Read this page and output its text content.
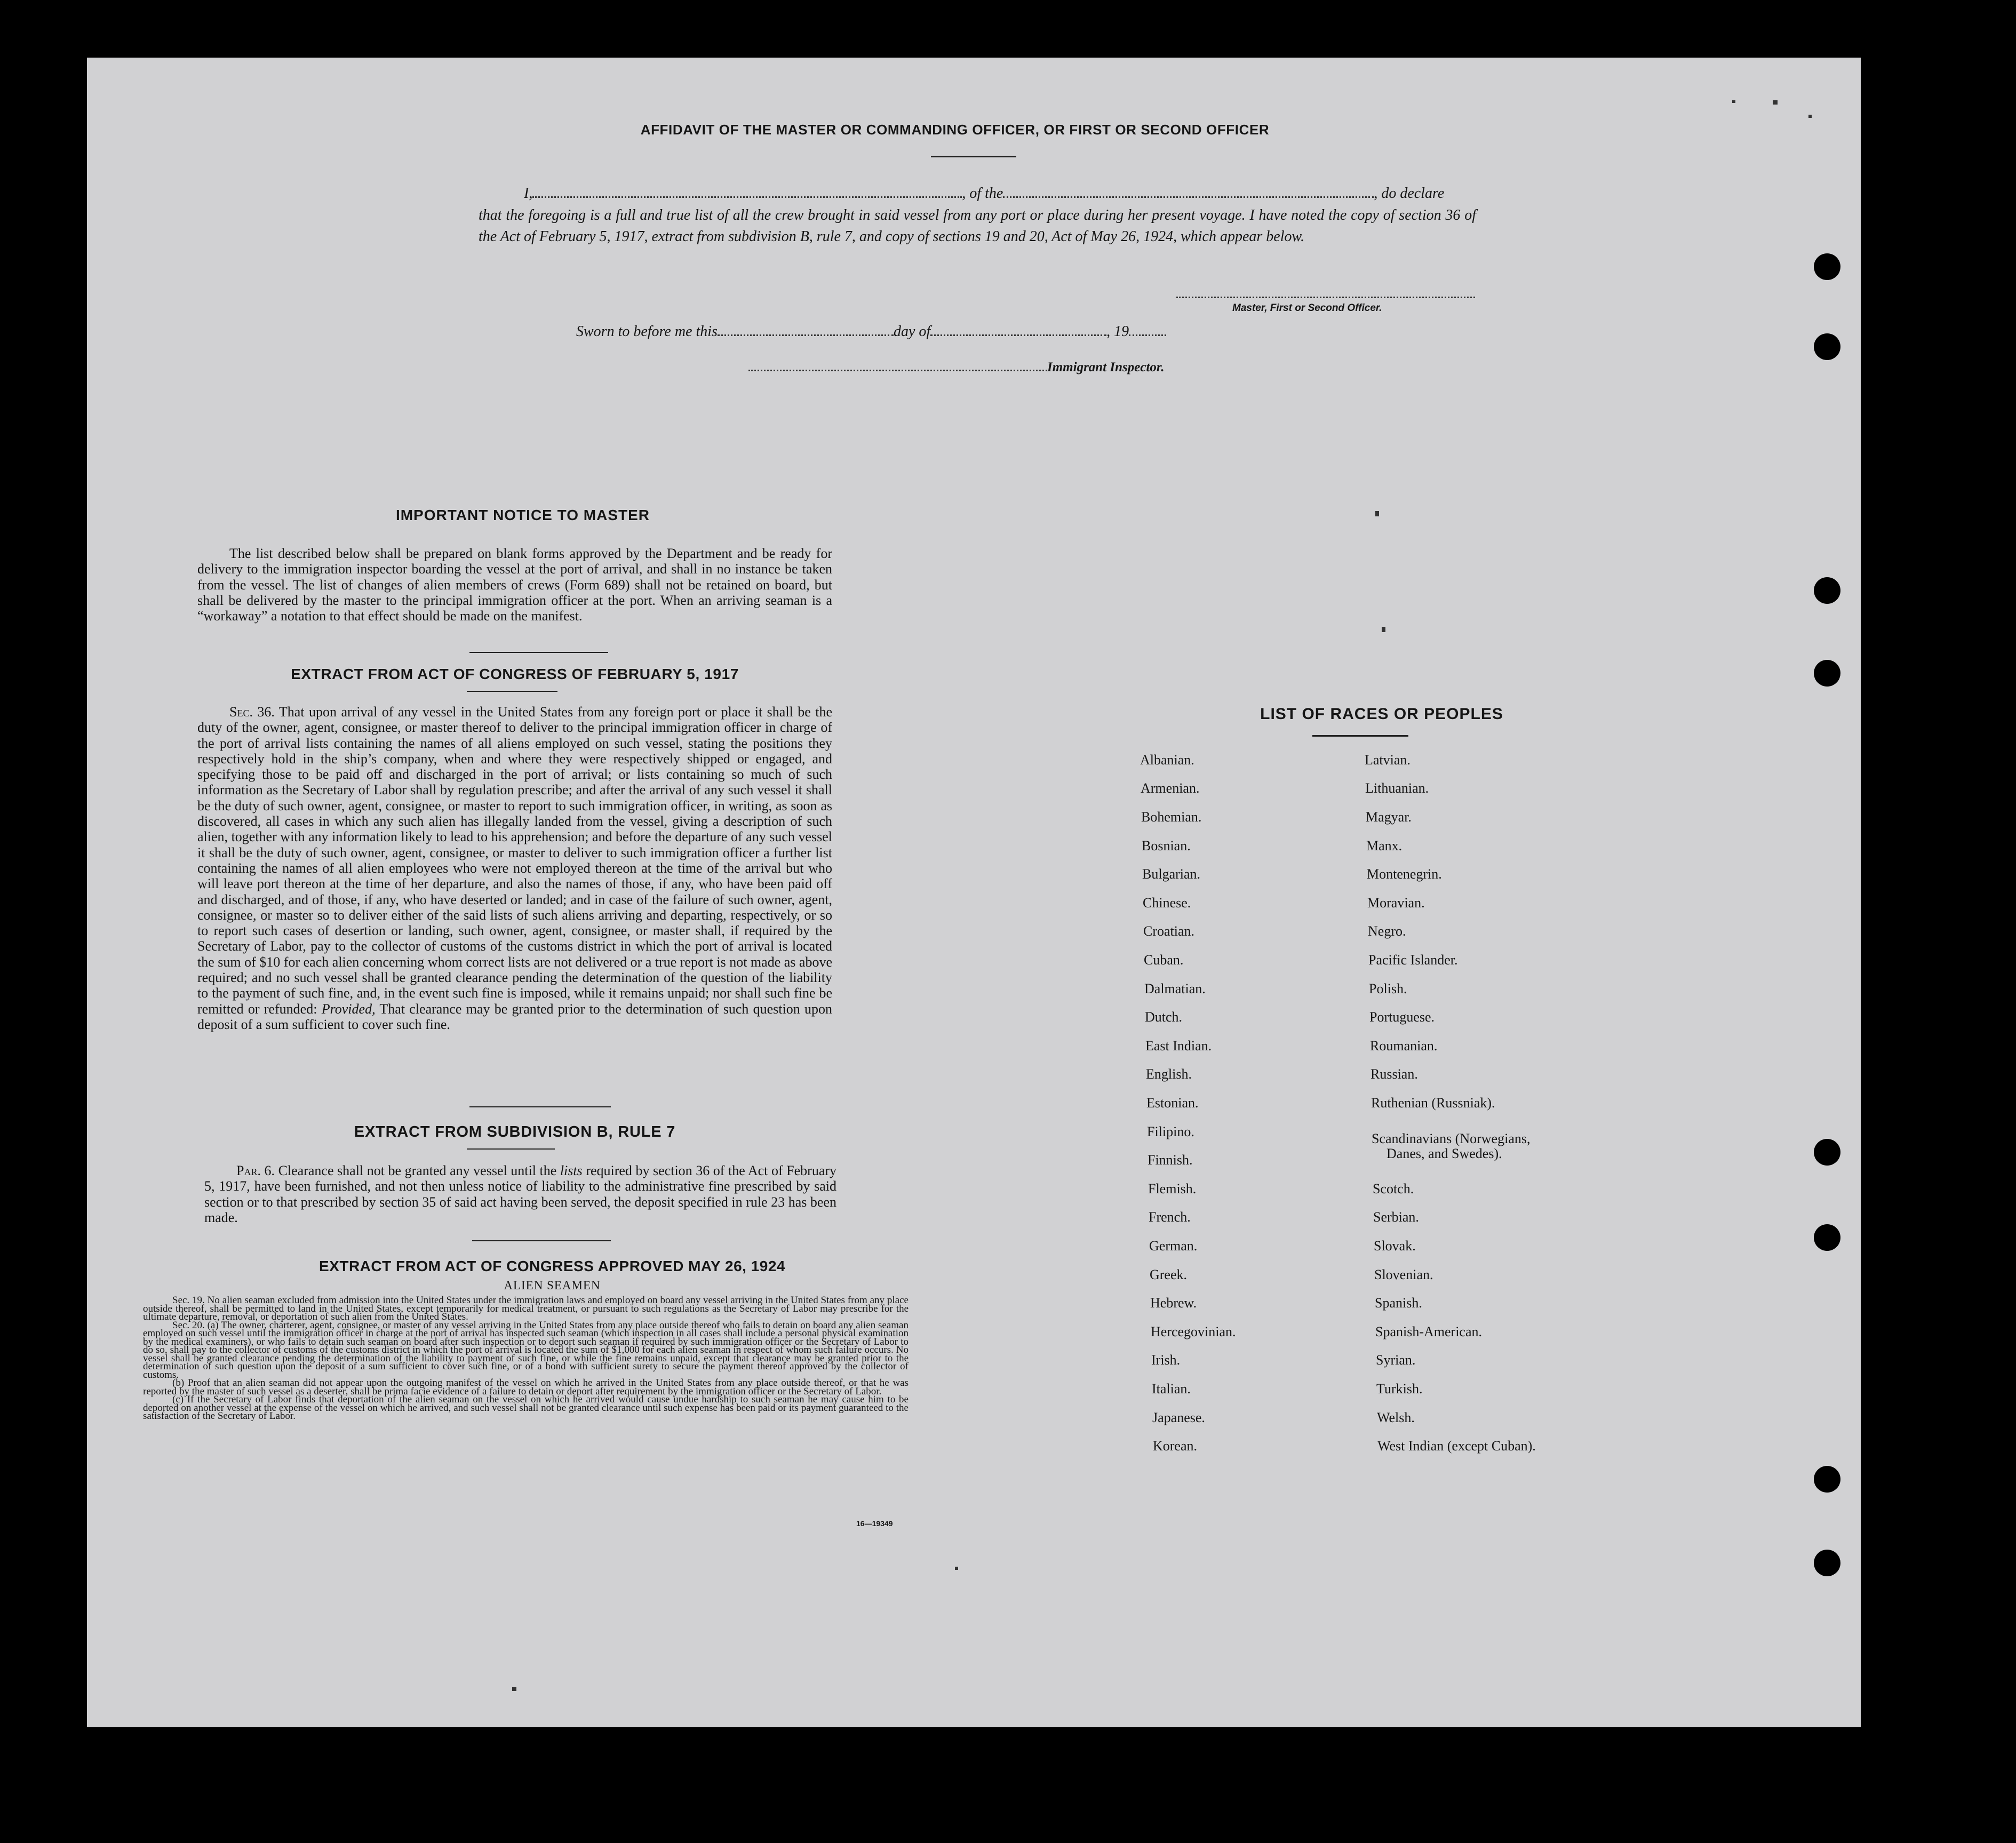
AFFIDAVIT OF THE MASTER OR COMMANDING OFFICER, OR FIRST OR SECOND OFFICER
I,	, of the	, do declare
that the foregoing is a full and true list of all the crew brought in said vessel from any port or place during her present voyage. I have noted the copy of section 36 of the Act of February 5, 1917, extract from subdivision B, rule 7, and copy of sections 19 and 20, Act of May 26, 1924, which appear below.
Master, First or Second Officer.
Sworn to before me this	day of	, 19
Immigrant Inspector.
IMPORTANT NOTICE TO MASTER
The list described below shall be prepared on blank forms approved by the Department and be ready for delivery to the immigration inspector boarding the vessel at the port of arrival, and shall in no instance be taken from the vessel. The list of changes of alien members of crews (Form 689) shall not be retained on board, but shall be delivered by the master to the principal immigration officer at the port. When an arriving seaman is a “workaway” a notation to that effect should be made on the manifest.
EXTRACT FROM ACT OF CONGRESS OF FEBRUARY 5, 1917
Sec. 36. That upon arrival of any vessel in the United States from any foreign port or place it shall be the duty of the owner, agent, consignee, or master thereof to deliver to the principal immigration officer in charge of the port of arrival lists containing the names of all aliens employed on such vessel, stating the positions they respectively hold in the ship’s company, when and where they were respectively shipped or engaged, and specifying those to be paid off and discharged in the port of arrival; or lists containing so much of such information as the Secretary of Labor shall by regulation prescribe; and after the arrival of any such vessel it shall be the duty of such owner, agent, consignee, or master to report to such immigration officer, in writing, as soon as discovered, all cases in which any such alien has illegally landed from the vessel, giving a description of such alien, together with any information likely to lead to his apprehension; and before the departure of any such vessel it shall be the duty of such owner, agent, consignee, or master to deliver to such immigration officer a further list containing the names of all alien employees who were not employed thereon at the time of the arrival but who will leave port thereon at the time of her departure, and also the names of those, if any, who have been paid off and discharged, and of those, if any, who have deserted or landed; and in case of the failure of such owner, agent, consignee, or master so to deliver either of the said lists of such aliens arriving and departing, respectively, or so to report such cases of desertion or landing, such owner, agent, consignee, or master shall, if required by the Secretary of Labor, pay to the collector of customs of the customs district in which the port of arrival is located the sum of $10 for each alien concerning whom correct lists are not delivered or a true report is not made as above required; and no such vessel shall be granted clearance pending the determination of the question of the liability to the payment of such fine, and, in the event such fine is imposed, while it remains unpaid; nor shall such fine be remitted or refunded: Provided, That clearance may be granted prior to the determination of such question upon deposit of a sum sufficient to cover such fine.
EXTRACT FROM SUBDIVISION B, RULE 7
Par. 6. Clearance shall not be granted any vessel until the lists required by section 36 of the Act of February 5, 1917, have been furnished, and not then unless notice of liability to the administrative fine prescribed by said section or to that prescribed by section 35 of said act having been served, the deposit specified in rule 23 has been made.
EXTRACT FROM ACT OF CONGRESS APPROVED MAY 26, 1924
ALIEN SEAMEN
Sec. 19. No alien seaman excluded from admission into the United States under the immigration laws and employed on board any vessel arriving in the United States from any place outside thereof, shall be permitted to land in the United States, except temporarily for medical treatment, or pursuant to such regulations as the Secretary of Labor may prescribe for the ultimate departure, removal, or deportation of such alien from the United States.
Sec. 20. (a) The owner, charterer, agent, consignee, or master of any vessel arriving in the United States from any place outside thereof who fails to detain on board any alien seaman employed on such vessel until the immigration officer in charge at the port of arrival has inspected such seaman (which inspection in all cases shall include a personal physical examination by the medical examiners), or who fails to detain such seaman on board after such inspection or to deport such seaman if required by such immigration officer or the Secretary of Labor to do so, shall pay to the collector of customs of the customs district in which the port of arrival is located the sum of $1,000 for each alien seaman in respect of whom such failure occurs. No vessel shall be granted clearance pending the determination of the liability to payment of such fine, or while the fine remains unpaid, except that clearance may be granted prior to the determination of such question upon the deposit of a sum sufficient to cover such fine, or of a bond with sufficient surety to secure the payment thereof approved by the collector of customs.
(b) Proof that an alien seaman did not appear upon the outgoing manifest of the vessel on which he arrived in the United States from any place outside thereof, or that he was reported by the master of such vessel as a deserter, shall be prima facie evidence of a failure to detain or deport after requirement by the immigration officer or the Secretary of Labor.
(c) If the Secretary of Labor finds that deportation of the alien seaman on the vessel on which he arrived would cause undue hardship to such seaman he may cause him to be deported on another vessel at the expense of the vessel on which he arrived, and such vessel shall not be granted clearance until such expense has been paid or its payment guaranteed to the satisfaction of the Secretary of Labor.
16—19349
LIST OF RACES OR PEOPLES
Albanian.
Armenian.
Bohemian.
Bosnian.
Bulgarian.
Chinese.
Croatian.
Cuban.
Dalmatian.
Dutch.
East Indian.
English.
Estonian.
Filipino.
Finnish.
Flemish.
French.
German.
Greek.
Hebrew.
Hercegovinian.
Irish.
Italian.
Japanese.
Korean.
Latvian.
Lithuanian.
Magyar.
Manx.
Montenegrin.
Moravian.
Negro.
Pacific Islander.
Polish.
Portuguese.
Roumanian.
Russian.
Ruthenian (Russniak).
Scandinavians (Norwegians,
Danes, and Swedes).
Scotch.
Serbian.
Slovak.
Slovenian.
Spanish.
Spanish-American.
Syrian.
Turkish.
Welsh.
West Indian (except Cuban).
